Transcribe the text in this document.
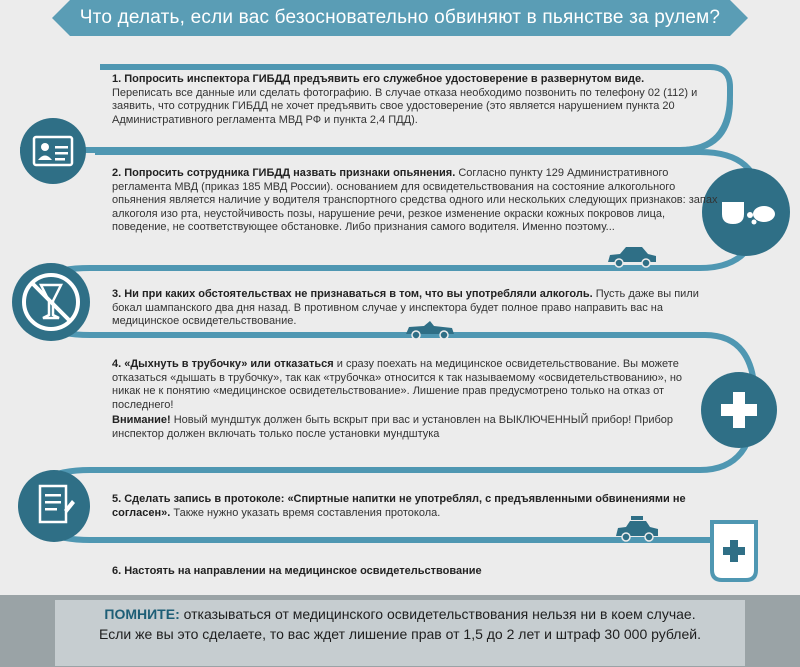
Что делать, если вас безосновательно обвиняют в пьянстве за рулем?

1. Попросить инспектора ГИБДД предъявить его служебное удостоверение в развернутом виде.

Переписать все данные или сделать фотографию. В случае отказа необходимо позвонить по телефону 02 (112) и заявить, что сотрудник ГИБДД не хочет предъявить свое удостоверение (это является нарушением пункта 20 Административного регламента МВД РФ и пункта 2,4 ПДД).

2. Попросить сотрудника ГИБДД назвать признаки опьянения. Согласно пункту 129 Административного регламента МВД (приказ 185 МВД России). основанием для освидетельствования на состояние алкогольного опьянения является наличие у водителя транспортного средства одного или нескольких следующих признаков: запах алкоголя изо рта, неустойчивость позы, нарушение речи, резкое изменение окраски кожных покровов лица, поведение, не соответствующее обстановке. Либо признания самого водителя. Именно поэтому...

3. Ни при каких обстоятельствах не признаваться в том, что вы употребляли алкоголь. Пусть даже вы пили бокал шампанского два дня назад. В противном случае у инспектора будет полное право направить вас на медицинское освидетельствование.

4. «Дыхнуть в трубочку» или отказаться и сразу поехать на медицинское освидетельствование. Вы можете отказаться «дышать в трубочку», так как «трубочка» относится к так называемому «освидетельствованию», но никак не к понятию «медицинское освидетельствование». Лишение прав предусмотрено только на отказ от последнего!

Внимание! Новый мундштук должен быть вскрыт при вас и установлен на ВЫКЛЮЧЕННЫЙ прибор! Прибор инспектор должен включать только после установки мундштука

5. Сделать запись в протоколе: «Спиртные напитки не употреблял, с предъявленными обвинениями не согласен». Также нужно указать время составления протокола.

6. Настоять на направлении на медицинское освидетельствование

ПОМНИТЕ: отказываться от медицинского освидетельствования нельзя ни в коем случае.
Если же вы это сделаете, то вас ждет лишение прав от 1,5 до 2 лет и штраф 30 000 рублей.
